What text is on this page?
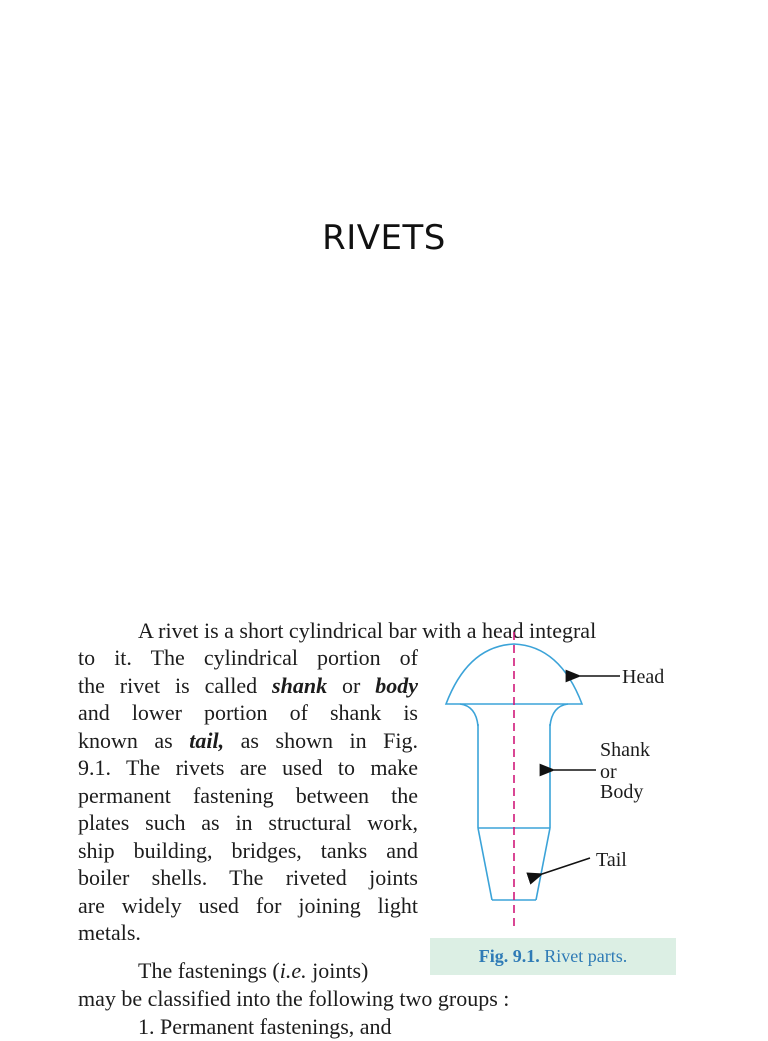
RIVETS
A rivet is a short cylindrical bar with a head integral
to it. The cylindrical portion of
the rivet is called shank or body
and lower portion of shank is
known as tail, as shown in Fig.
9.1. The rivets are used to make
permanent fastening between the
plates such as in structural work,
ship building, bridges, tanks and
boiler shells. The riveted joints
are widely used for joining light
metals.
Head
Shank
or
Body
Tail
Fig. 9.1. Rivet parts.
The fastenings (i.e. joints)
may be classified into the following two groups :
1. Permanent fastenings, and
